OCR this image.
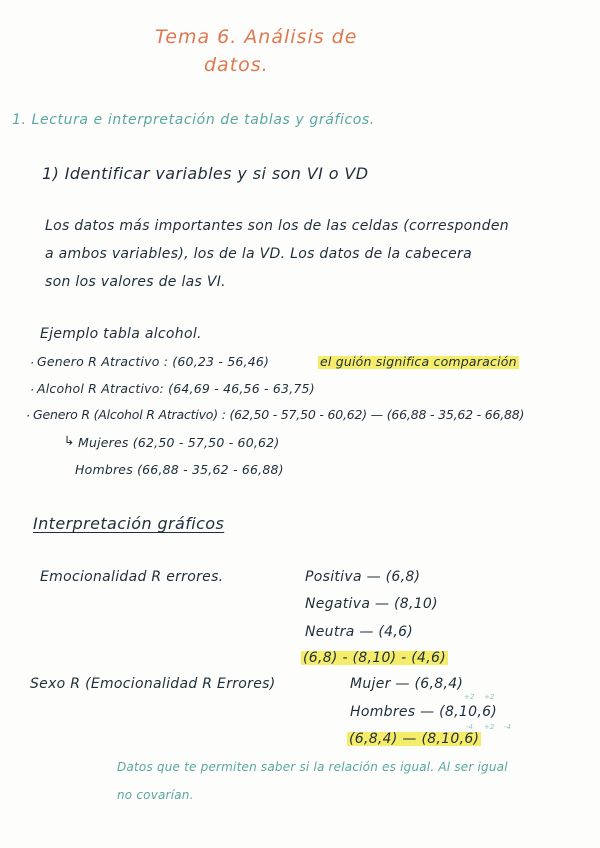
Tema 6. Análisis de
datos.
1. Lectura e interpretación de tablas y gráficos.
1) Identificar variables y si son VI o VD
Los datos más importantes son los de las celdas (corresponden
a ambos variables), los de la VD. Los datos de la cabecera
son los valores de las VI.
Ejemplo tabla alcohol.
· Genero R Atractivo : (60,23 - 56,46)	el guión significa comparación
· Alcohol R Atractivo: (64,69 - 46,56 - 63,75)
· Genero R (Alcohol R Atractivo) : (62,50 - 57,50 - 60,62) — (66,88 - 35,62 - 66,88)
↳ Mujeres (62,50 - 57,50 - 60,62)
Hombres (66,88 - 35,62 - 66,88)
Interpretación gráficos
Emocionalidad R errores.	Positiva — (6,8)
Negativa — (8,10)
Neutra — (4,6)
(6,8) - (8,10) - (4,6)
Sexo R (Emocionalidad R Errores)	Mujer — (6,8,4)
+2 +2
Hombres — (8,10,6)
-4 +2 -4
(6,8,4) — (8,10,6)
Datos que te permiten saber si la relación es igual. Al ser igual
no covarían.
